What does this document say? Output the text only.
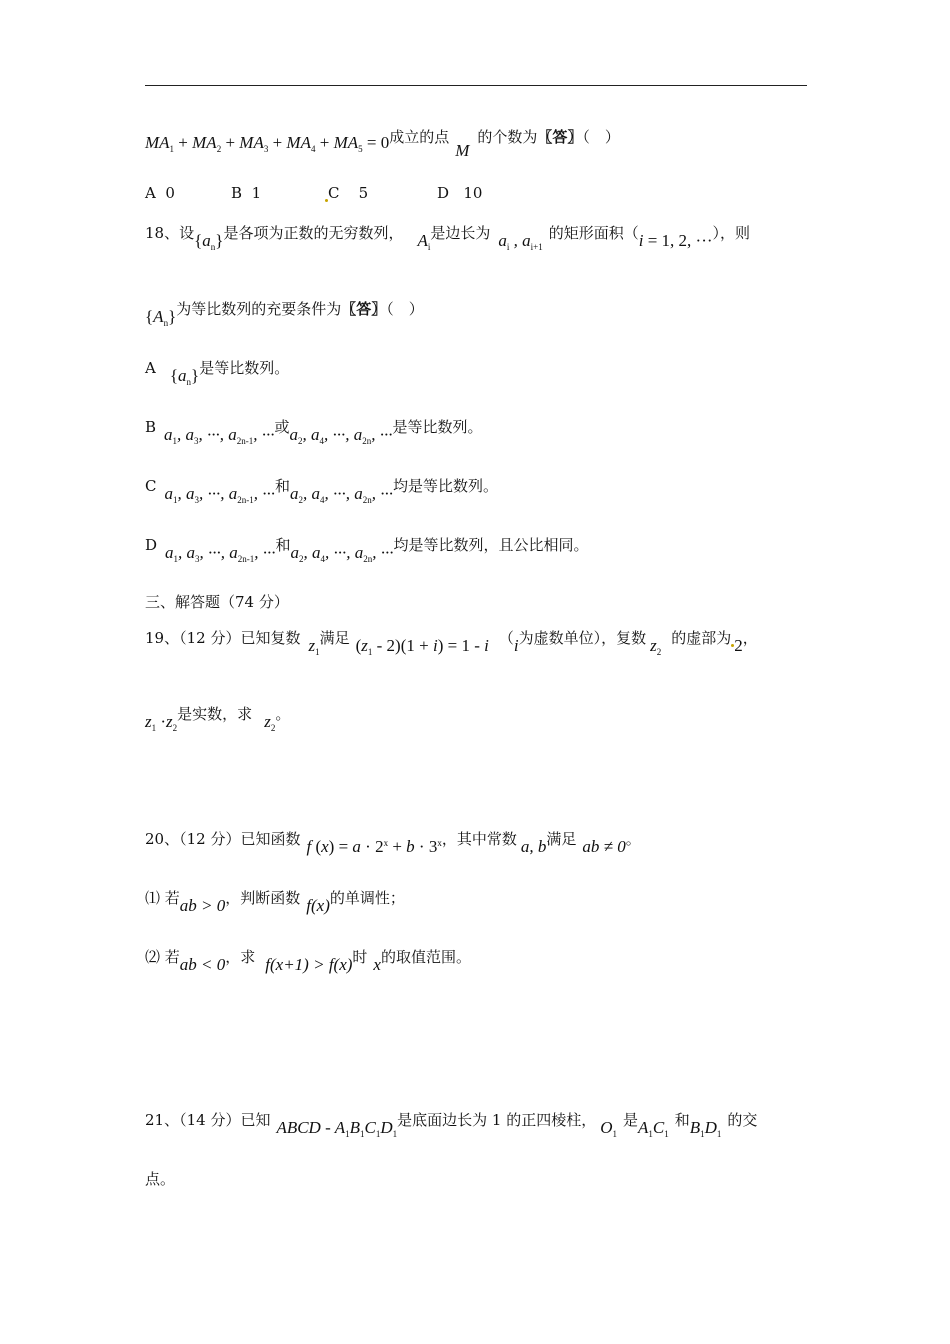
$MA_1 + MA_2 + MA_3 + MA_4 + MA_5 = 0$成立的点M的个数为〖答〗（　）
A 0	B 1	C 5	D 10
18、设$\{a_n\}$是各项为正数的无穷数列， $A_i$是边长为 $a_i$ , $a_{i+1}$的矩形面积（i = 1, 2, ···），则
$\{A_n\}$为等比数列的充要条件为〖答〗（　）
A $\{a_n\}$是等比数列。
B $a_1$, $a_3$, ···, $a_{2n-1}$, ···或$a_2$, $a_4$, ···, $a_{2n}$, ···是等比数列。
C $a_1$, $a_3$, ···, $a_{2n-1}$, ···和$a_2$, $a_4$, ···, $a_{2n}$, ···均是等比数列。
D $a_1$, $a_3$, ···, $a_{2n-1}$, ···和$a_2$, $a_4$, ···, $a_{2n}$, ···均是等比数列，且公比相同。
三、解答题（74 分）
19、（12 分）已知复数 $z_1$满足 $(z_1 - 2)(1 + i) = 1 - i$ （i为虚数单位），复数 $z_2$的虚部为 2，
$z_1 \cdot z_2$是实数，求 $z_2$。
20、（12 分）已知函数 f $(x) = a \cdot 2^x + b \cdot 3^x$，其中常数 a, b满足 ab ≠ 0。
⑴ 若ab > 0，判断函数 f(x)的单调性；
⑵ 若ab < 0，求 f(x+1) > f(x)时 x的取值范围。
21、（14 分）已知 ABCD - $A_1B_1C_1D_1$是底面边长为 1 的正四棱柱， $O_1$是$A_1C_1$和$B_1D_1$的交
点。
